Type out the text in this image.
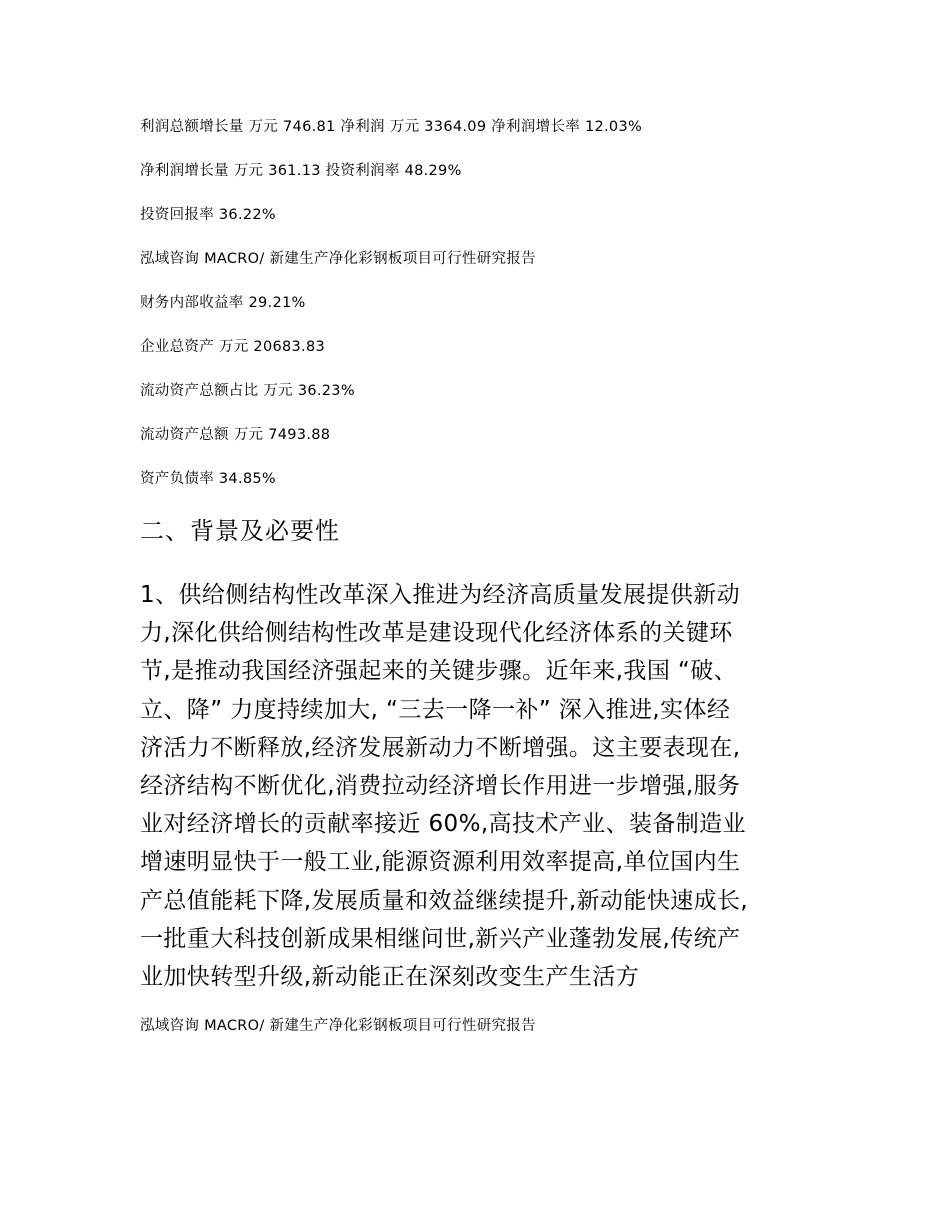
利润总额增长量 万元 746.81 净利润 万元 3364.09 净利润增长率 12.03%
净利润增长量 万元 361.13 投资利润率 48.29%
投资回报率 36.22%
泓域咨询 MACRO/ 新建生产净化彩钢板项目可行性研究报告
财务内部收益率 29.21%
企业总资产 万元 20683.83
流动资产总额占比 万元 36.23%
流动资产总额 万元 7493.88
资产负债率 34.85%
二、背景及必要性
1、供给侧结构性改革深入推进为经济高质量发展提供新动
力,深化供给侧结构性改革是建设现代化经济体系的关键环
节,是推动我国经济强起来的关键步骤。近年来,我国 “破、
立、降” 力度持续加大, “三去一降一补” 深入推进,实体经
济活力不断释放,经济发展新动力不断增强。这主要表现在,
经济结构不断优化,消费拉动经济增长作用进一步增强,服务
业对经济增长的贡献率接近 60%,高技术产业、装备制造业
增速明显快于一般工业,能源资源利用效率提高,单位国内生
产总值能耗下降,发展质量和效益继续提升,新动能快速成长,
一批重大科技创新成果相继问世,新兴产业蓬勃发展,传统产
业加快转型升级,新动能正在深刻改变生产生活方
泓域咨询 MACRO/ 新建生产净化彩钢板项目可行性研究报告
